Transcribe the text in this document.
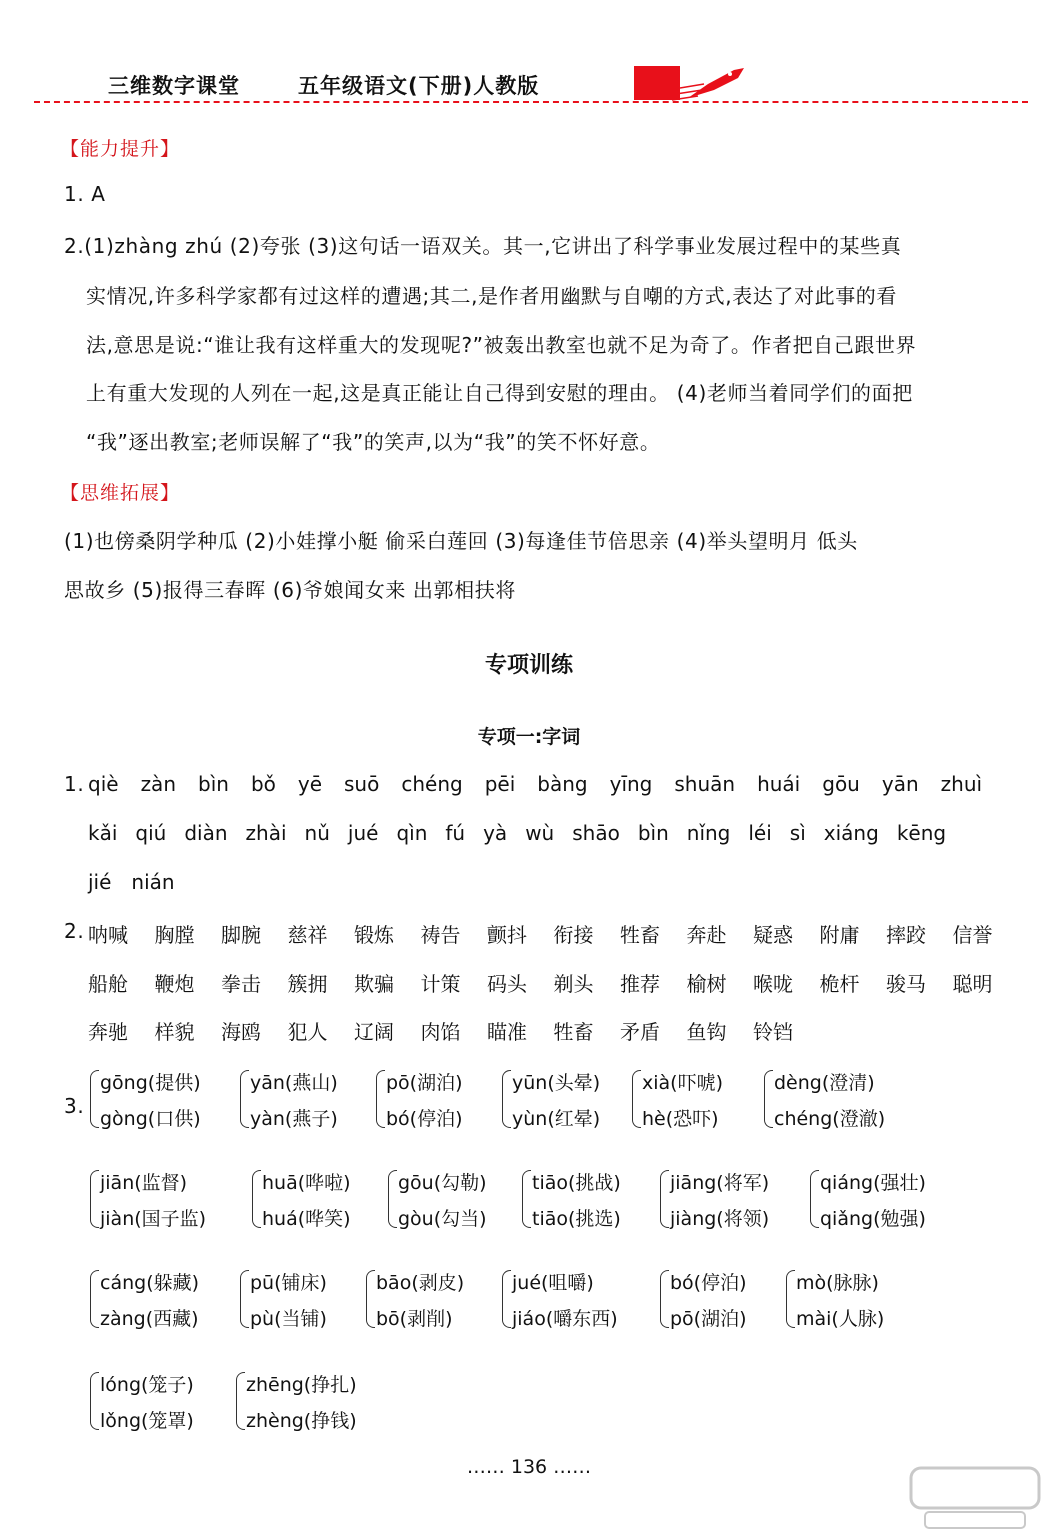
三维数字课堂	五年级语文(下册)人教版
【能力提升】
1. A
2.(1)zhàng zhú (2)夸张 (3)这句话一语双关。其一,它讲出了科学事业发展过程中的某些真
实情况,许多科学家都有过这样的遭遇;其二,是作者用幽默与自嘲的方式,表达了对此事的看
法,意思是说:“谁让我有这样重大的发现呢?”被轰出教室也就不足为奇了。作者把自己跟世界
上有重大发现的人列在一起,这是真正能让自己得到安慰的理由。 (4)老师当着同学们的面把
“我”逐出教室;老师误解了“我”的笑声,以为“我”的笑不怀好意。
【思维拓展】
(1)也傍桑阴学种瓜 (2)小娃撑小艇 偷采白莲回 (3)每逢佳节倍思亲 (4)举头望明月 低头
思故乡 (5)报得三春晖 (6)爷娘闻女来 出郭相扶将
专项训练
专项一:字词
1. qiè zàn bìn bǒ yē suō chéng pēi bàng yīng shuān huái gōu yān zhuì
kǎi qiú diàn zhài nǔ jué qìn fú yà wù shāo bìn nǐng léi sì xiáng kēng
jié nián
2. 呐喊 胸膛 脚腕 慈祥 锻炼 祷告 颤抖 衔接 牲畜 奔赴 疑惑 附庸 摔跤 信誉
船舱 鞭炮 拳击 簇拥 欺骗 计策 码头 剃头 推荐 榆树 喉咙 桅杆 骏马 聪明
奔驰 样貌 海鸥 犯人 辽阔 肉馅 瞄准 牲畜 矛盾 鱼钩 铃铛
3.
gōng(提供)
gòng(口供)
yān(燕山)
yàn(燕子)
pō(湖泊)
bó(停泊)
yūn(头晕)
yùn(红晕)
xià(吓唬)
hè(恐吓)
dèng(澄清)
chéng(澄澈)
jiān(监督)
jiàn(国子监)
huā(哗啦)
huá(哗笑)
gōu(勾勒)
gòu(勾当)
tiāo(挑战)
tiāo(挑选)
jiāng(将军)
jiàng(将领)
qiáng(强壮)
qiǎng(勉强)
cáng(躲藏)
zàng(西藏)
pū(铺床)
pù(当铺)
bāo(剥皮)
bō(剥削)
jué(咀嚼)
jiáo(嚼东西)
bó(停泊)
pō(湖泊)
mò(脉脉)
mài(人脉)
lóng(笼子)
lǒng(笼罩)
zhēng(挣扎)
zhèng(挣钱)
…… 136 ……
